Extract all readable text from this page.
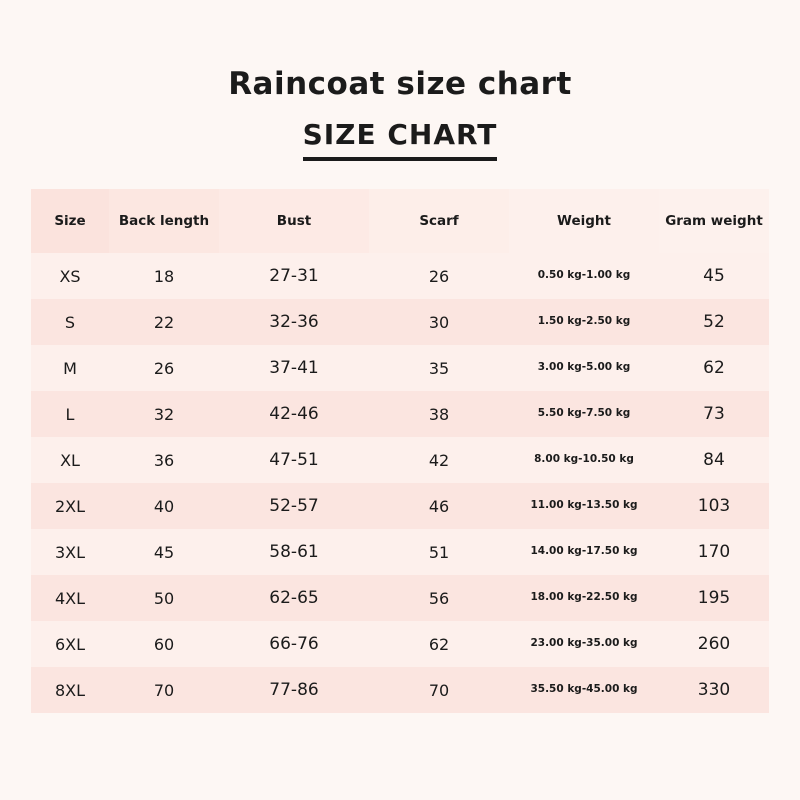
Raincoat size chart
SIZE CHART
Size	Back length	Bust	Scarf	Weight	Gram weight
XS	18	27-31	26	0.50 kg-1.00 kg	45
S	22	32-36	30	1.50 kg-2.50 kg	52
M	26	37-41	35	3.00 kg-5.00 kg	62
L	32	42-46	38	5.50 kg-7.50 kg	73
XL	36	47-51	42	8.00 kg-10.50 kg	84
2XL	40	52-57	46	11.00 kg-13.50 kg	103
3XL	45	58-61	51	14.00 kg-17.50 kg	170
4XL	50	62-65	56	18.00 kg-22.50 kg	195
6XL	60	66-76	62	23.00 kg-35.00 kg	260
8XL	70	77-86	70	35.50 kg-45.00 kg	330
